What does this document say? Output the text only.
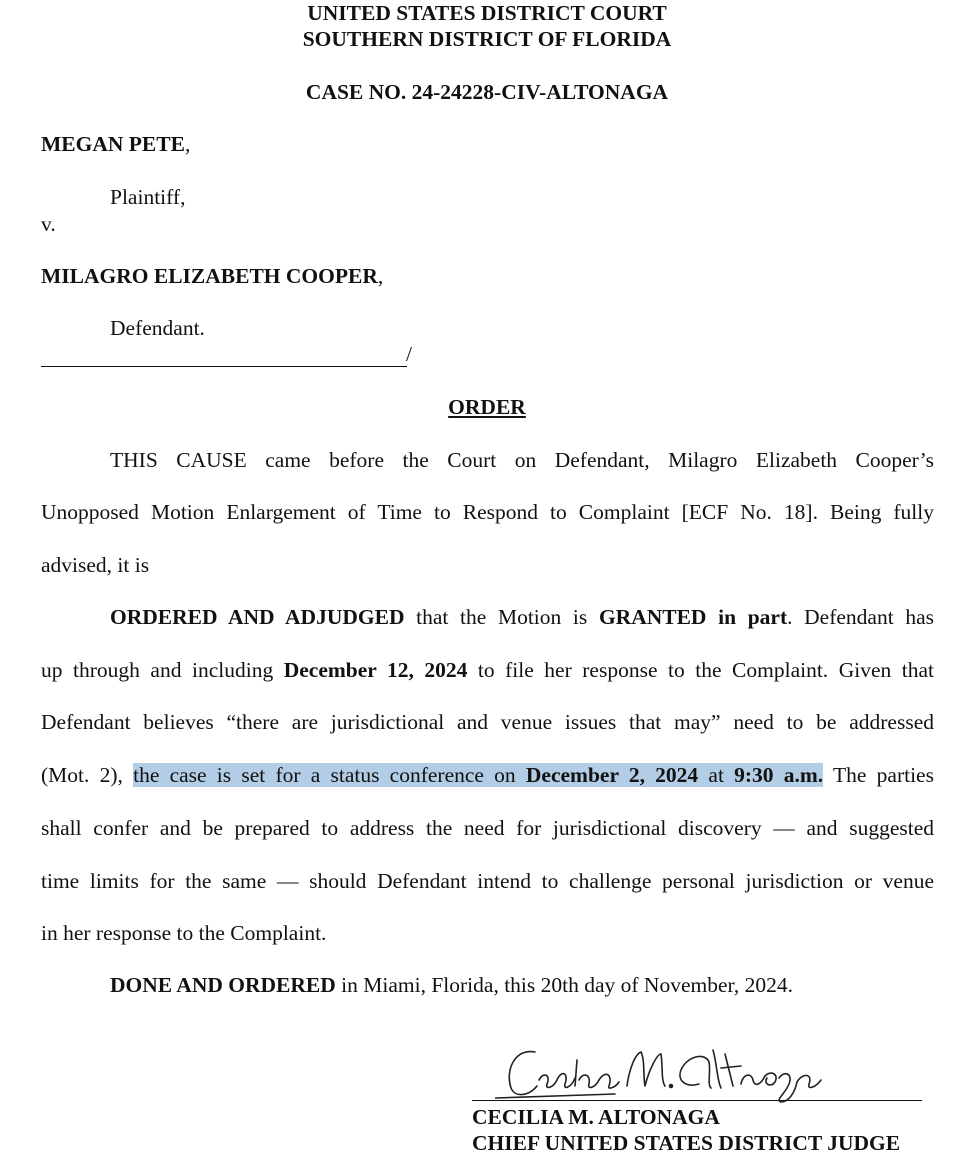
UNITED STATES DISTRICT COURT
SOUTHERN DISTRICT OF FLORIDA
CASE NO. 24-24228-CIV-ALTONAGA
MEGAN PETE,
Plaintiff,
v.
MILAGRO ELIZABETH COOPER,
Defendant.
/
ORDER
THIS CAUSE came before the Court on Defendant, Milagro Elizabeth Cooper’s
Unopposed Motion Enlargement of Time to Respond to Complaint [ECF No. 18]. Being fully
advised, it is
ORDERED AND ADJUDGED that the Motion is GRANTED in part. Defendant has
up through and including December 12, 2024 to file her response to the Complaint. Given that
Defendant believes “there are jurisdictional and venue issues that may” need to be addressed
(Mot. 2), the case is set for a status conference on December 2, 2024 at 9:30 a.m. The parties
shall confer and be prepared to address the need for jurisdictional discovery — and suggested
time limits for the same — should Defendant intend to challenge personal jurisdiction or venue
in her response to the Complaint.
DONE AND ORDERED in Miami, Florida, this 20th day of November, 2024.
CECILIA M. ALTONAGA
CHIEF UNITED STATES DISTRICT JUDGE
